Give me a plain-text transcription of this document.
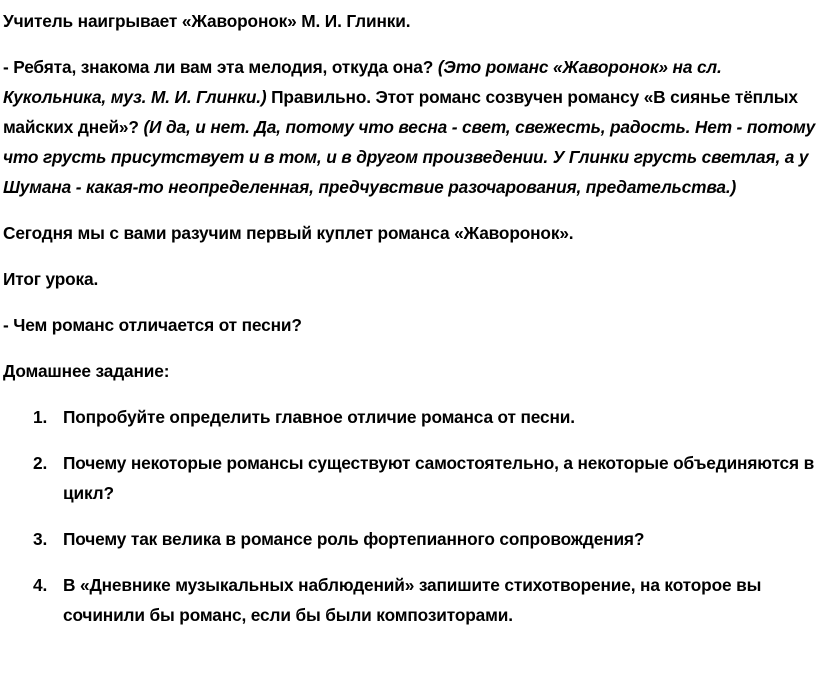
Учитель наигрывает «Жаворонок» М. И. Глинки.

- Ребята, знакома ли вам эта мелодия, откуда она? (Это романс «Жаворонок» на сл. Кукольника, муз. М. И. Глинки.) Правильно. Этот романс созвучен романсу «В сиянье тёплых майских дней»? (И да, и нет. Да, потому что весна - свет, свежесть, радость. Нет - потому что грусть присутствует и в том, и в другом произведении. У Глинки грусть светлая, а у Шумана - какая-то неопределенная, предчувствие разочарования, предательства.)

Сегодня мы с вами разучим первый куплет романса «Жаворонок».

Итог урока.

- Чем романс отличается от песни?

Домашнее задание:

1. Попробуйте определить главное отличие романса от песни.
2. Почему некоторые романсы существуют самостоятельно, а некоторые объединяются в цикл?
3. Почему так велика в романсе роль фортепианного сопровождения?
4. В «Дневнике музыкальных наблюдений» запишите стихотворение, на которое вы сочинили бы романс, если бы были композиторами.
